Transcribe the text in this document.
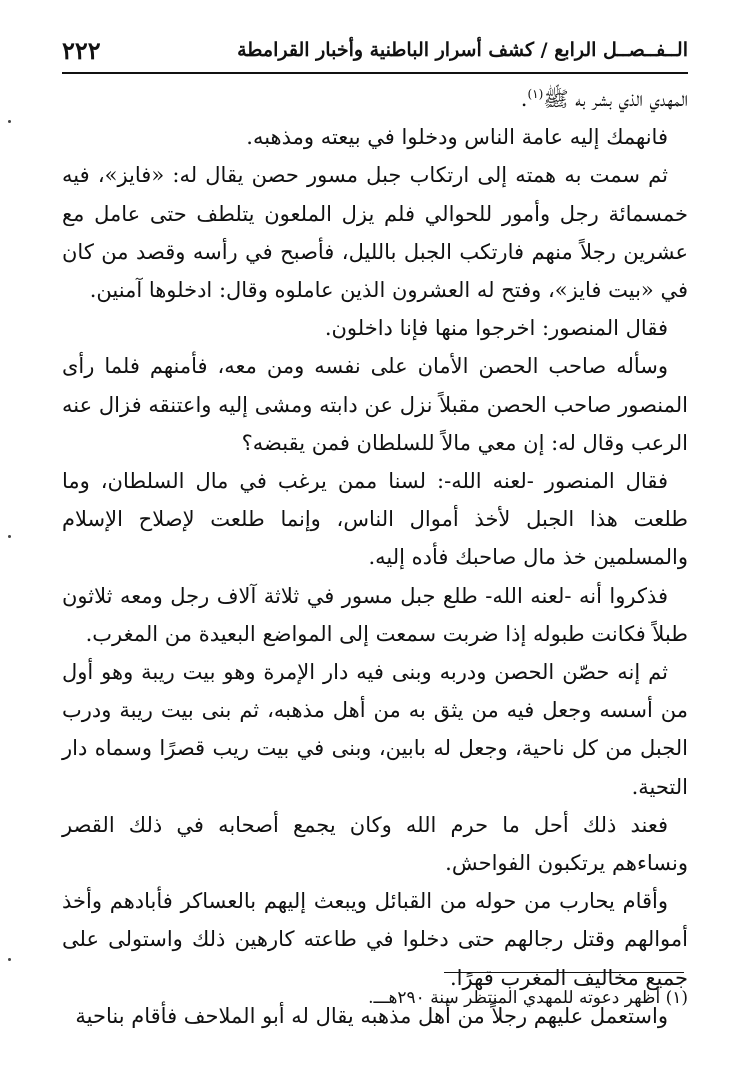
الــفــصــل الرابع / كشف أسرار الباطنية وأخبار القرامطة
٢٢٢

المهدي الذي بشر به ﷺ$^{(١)}$.

فانهمك إليه عامة الناس ودخلوا في بيعته ومذهبه.

ثم سمت به همته إلى ارتكاب جبل مسور حصن يقال له: «فايز»، فيه خمسمائة رجل وأمور للحوالي فلم يزل الملعون يتلطف حتى عامل مع عشرين رجلاً منهم فارتكب الجبل بالليل، فأصبح في رأسه وقصد من كان في «بيت فايز»، وفتح له العشرون الذين عاملوه وقال: ادخلوها آمنين.

فقال المنصور: اخرجوا منها فإنا داخلون.

وسأله صاحب الحصن الأمان على نفسه ومن معه، فأمنهم فلما رأى المنصور صاحب الحصن مقبلاً نزل عن دابته ومشى إليه واعتنقه فزال عنه الرعب وقال له: إن معي مالاً للسلطان فمن يقبضه؟

فقال المنصور -لعنه الله-: لسنا ممن يرغب في مال السلطان، وما طلعت هذا الجبل لأخذ أموال الناس، وإنما طلعت لإصلاح الإسلام والمسلمين خذ مال صاحبك فأده إليه.

فذكروا أنه -لعنه الله- طلع جبل مسور في ثلاثة آلاف رجل ومعه ثلاثون طبلاً فكانت طبوله إذا ضربت سمعت إلى المواضع البعيدة من المغرب.

ثم إنه حصّن الحصن ودربه وبنى فيه دار الإمرة وهو بيت ريبة وهو أول من أسسه وجعل فيه من يثق به من أهل مذهبه، ثم بنى بيت ريبة ودرب الجبل من كل ناحية، وجعل له بابين، وبنى في بيت ريب قصرًا وسماه دار التحية.

فعند ذلك أحل ما حرم الله وكان يجمع أصحابه في ذلك القصر ونساءهم يرتكبون الفواحش.

وأقام يحارب من حوله من القبائل ويبعث إليهم بالعساكر فأبادهم وأخذ أموالهم وقتل رجالهم حتى دخلوا في طاعته كارهين ذلك واستولى على جميع مخاليف المغرب قهرًا.

واستعمل عليهم رجلاً من أهل مذهبه يقال له أبو الملاحف فأقام بناحية

(١) أظهر دعوته للمهدي المنتظر سنة ٢٩٠هـــ.
